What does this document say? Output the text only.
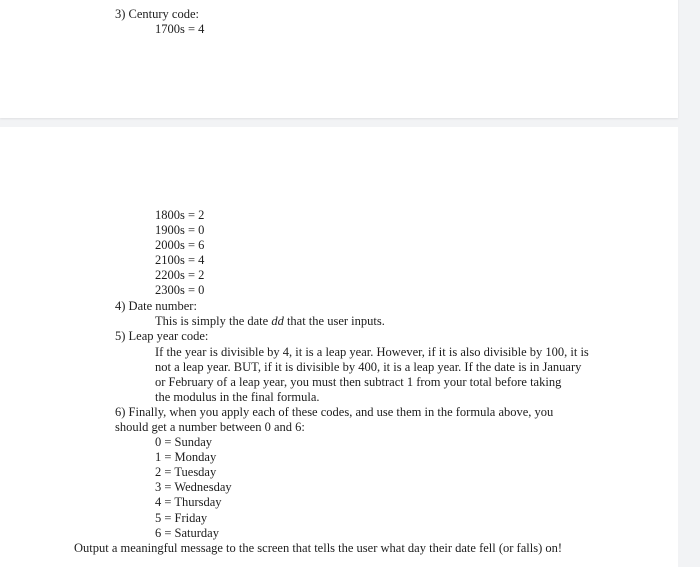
3) Century code:
1700s = 4
1800s = 2
1900s = 0
2000s = 6
2100s = 4
2200s = 2
2300s = 0
4) Date number:
This is simply the date dd that the user inputs.
5) Leap year code:
If the year is divisible by 4, it is a leap year. However, if it is also divisible by 100, it is
not a leap year. BUT, if it is divisible by 400, it is a leap year. If the date is in January
or February of a leap year, you must then subtract 1 from your total before taking
the modulus in the final formula.
6) Finally, when you apply each of these codes, and use them in the formula above, you
should get a number between 0 and 6:
0 = Sunday
1 = Monday
2 = Tuesday
3 = Wednesday
4 = Thursday
5 = Friday
6 = Saturday
Output a meaningful message to the screen that tells the user what day their date fell (or falls) on!
